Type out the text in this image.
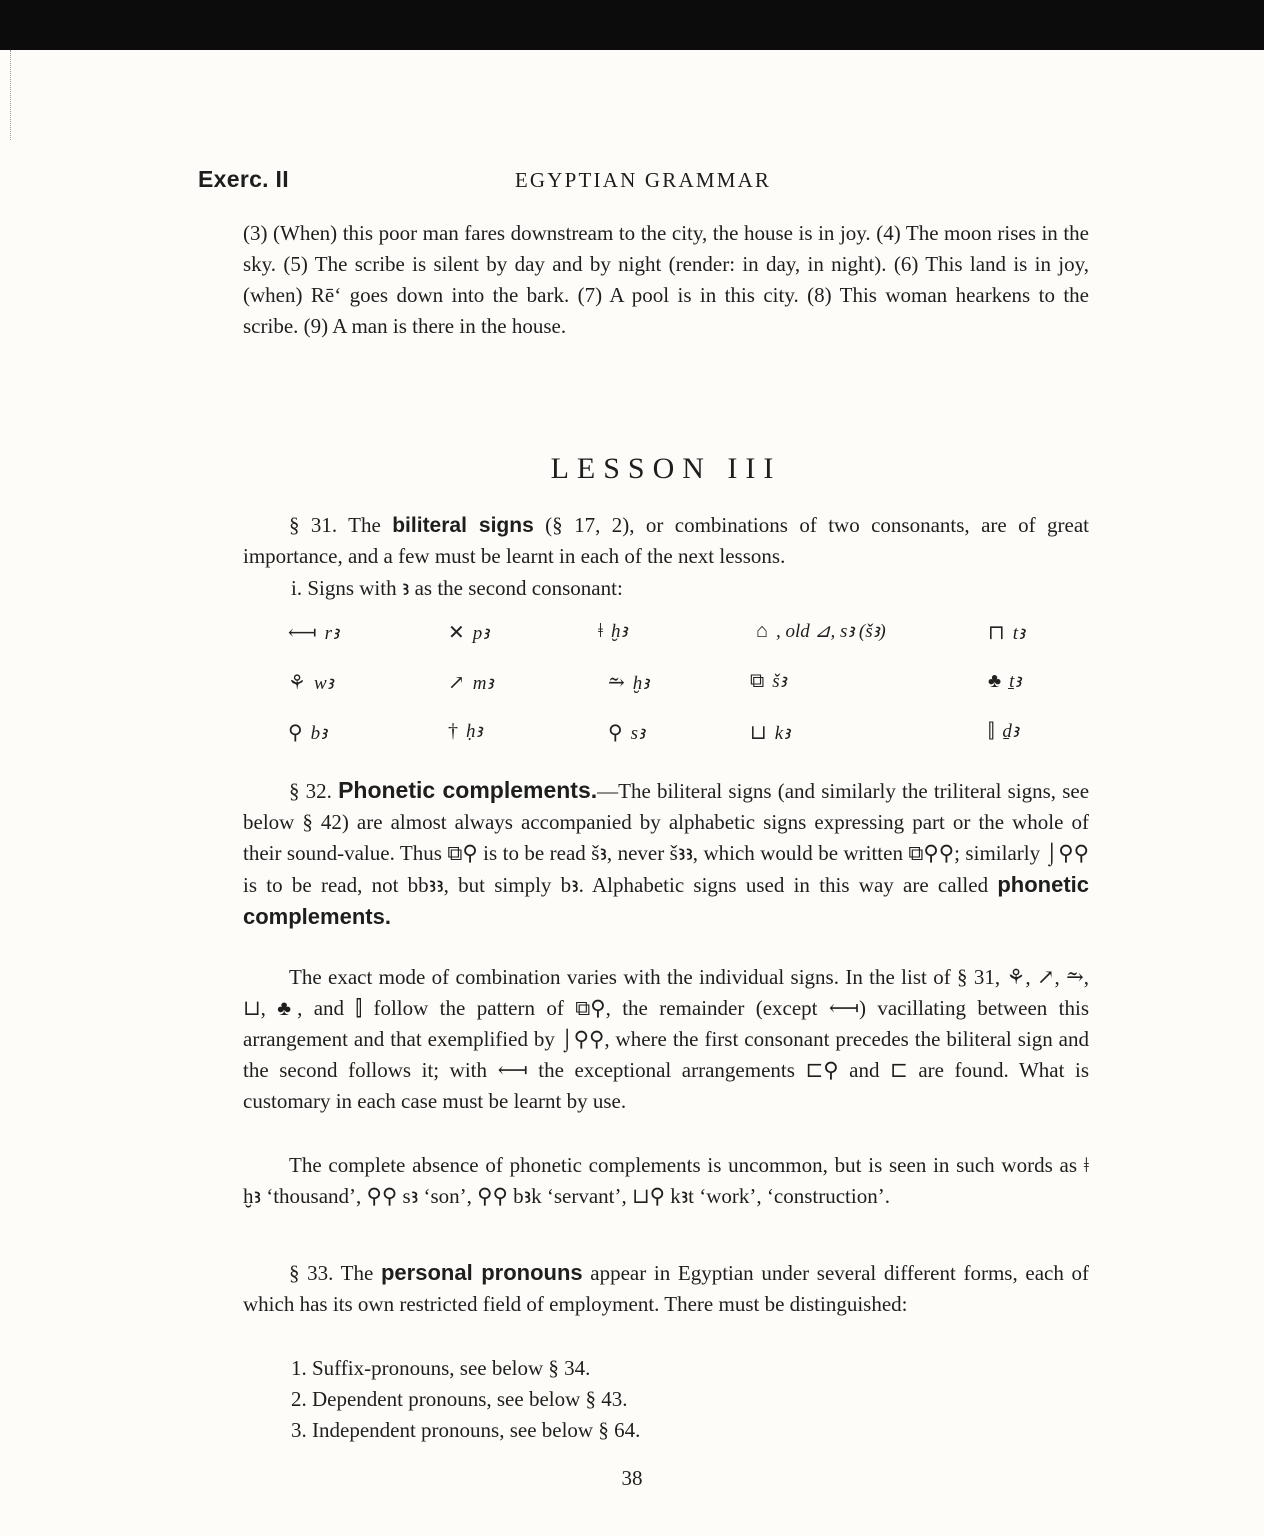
Exerc. II	EGYPTIAN GRAMMAR

(3) (When) this poor man fares downstream to the city, the house is in joy. (4) The moon rises in the sky. (5) The scribe is silent by day and by night (render: in day, in night). (6) This land is in joy, (when) Rē‘ goes down into the bark. (7) A pool is in this city. (8) This woman hearkens to the scribe. (9) A man is there in the house.

LESSON III

§ 31. The biliteral signs (§ 17, 2), or combinations of two consonants, are of great importance, and a few must be learnt in each of the next lessons.

i. Signs with ꜣ as the second consonant:
⟻ rꜣ	✕ pꜣ	ǂ ḫꜣ	⌂ , old ⊿, sꜣ (šꜣ)	⊓ tꜣ
⚘ wꜣ	↗ mꜣ	⥲ ḫꜣ	⧉ šꜣ	♣ ṯꜣ
⚲ bꜣ	† ḥꜣ	⚲ sꜣ	⊔ kꜣ	⫿ ḏꜣ

§ 32. Phonetic complements.—The biliteral signs (and similarly the triliteral signs, see below § 42) are almost always accompanied by alphabetic signs expressing part or the whole of their sound-value. Thus ⧉⚲ is to be read šꜣ, never šꜣꜣ, which would be written ⧉⚲⚲; similarly ⌡⚲⚲ is to be read, not bbꜣꜣ, but simply bꜣ. Alphabetic signs used in this way are called phonetic complements.

The exact mode of combination varies with the individual signs. In the list of § 31, ⚘, ↗, ⥲, ⊔, ♣, and ⫿ follow the pattern of ⧉⚲, the remainder (except ⟻) vacillating between this arrangement and that exemplified by ⌡⚲⚲, where the first consonant precedes the biliteral sign and the second follows it; with ⟻ the exceptional arrangements ⊏⚲ and ⊏ are found. What is customary in each case must be learnt by use.

The complete absence of phonetic complements is uncommon, but is seen in such words as ǂ ḫꜣ ‘thousand’, ⚲⚲ sꜣ ‘son’, ⚲⚲ bꜣk ‘servant’, ⊔⚲ kꜣt ‘work’, ‘construction’.

§ 33. The personal pronouns appear in Egyptian under several different forms, each of which has its own restricted field of employment. There must be distinguished:

1. Suffix-pronouns, see below § 34.
2. Dependent pronouns, see below § 43.
3. Independent pronouns, see below § 64.
38
